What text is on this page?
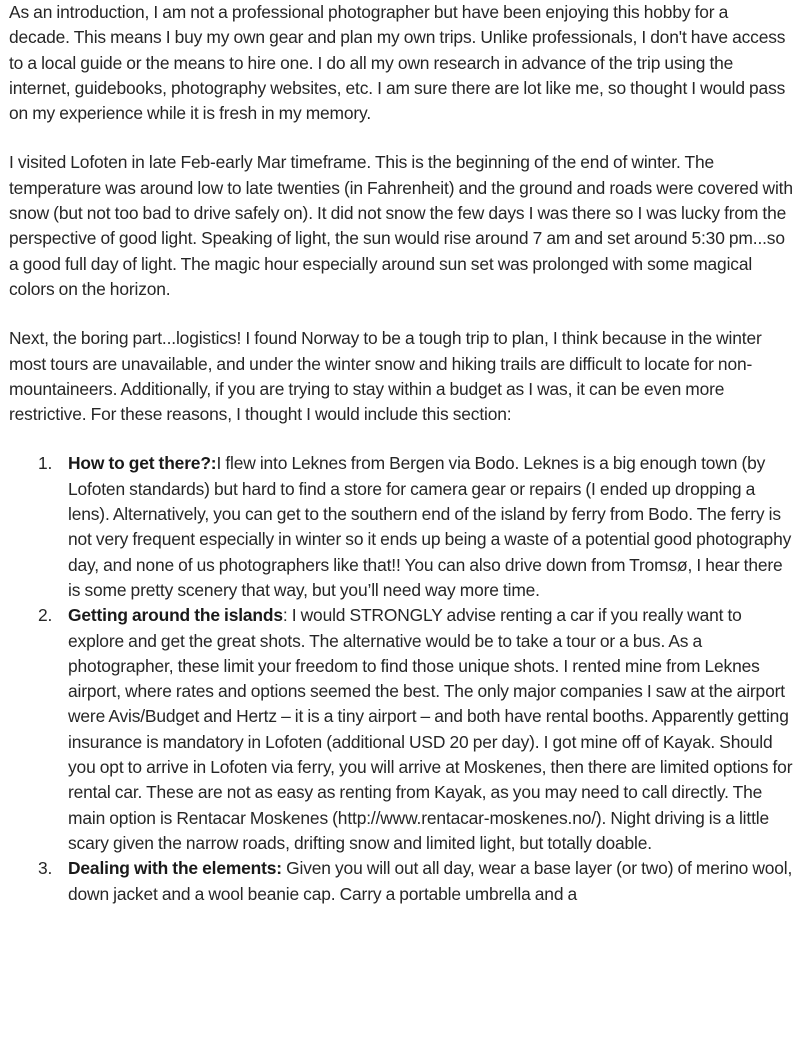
As an introduction, I am not a professional photographer but have been enjoying this hobby for a decade. This means I buy my own gear and plan my own trips. Unlike professionals, I don't have access to a local guide or the means to hire one. I do all my own research in advance of the trip using the internet, guidebooks, photography websites, etc. I am sure there are lot like me, so thought I would pass on my experience while it is fresh in my memory.

I visited Lofoten in late Feb-early Mar timeframe. This is the beginning of the end of winter. The temperature was around low to late twenties (in Fahrenheit) and the ground and roads were covered with snow (but not too bad to drive safely on). It did not snow the few days I was there so I was lucky from the perspective of good light. Speaking of light, the sun would rise around 7 am and set around 5:30 pm...so a good full day of light. The magic hour especially around sun set was prolonged with some magical colors on the horizon.

Next, the boring part...logistics! I found Norway to be a tough trip to plan, I think because in the winter most tours are unavailable, and under the winter snow and hiking trails are difficult to locate for non-mountaineers. Additionally, if you are trying to stay within a budget as I was, it can be even more restrictive. For these reasons, I thought I would include this section:

1. How to get there?:I flew into Leknes from Bergen via Bodo. Leknes is a big enough town (by Lofoten standards) but hard to find a store for camera gear or repairs (I ended up dropping a lens). Alternatively, you can get to the southern end of the island by ferry from Bodo. The ferry is not very frequent especially in winter so it ends up being a waste of a potential good photography day, and none of us photographers like that!! You can also drive down from Tromsø, I hear there is some pretty scenery that way, but you’ll need way more time.
2. Getting around the islands: I would STRONGLY advise renting a car if you really want to explore and get the great shots. The alternative would be to take a tour or a bus. As a photographer, these limit your freedom to find those unique shots. I rented mine from Leknes airport, where rates and options seemed the best. The only major companies I saw at the airport were Avis/Budget and Hertz – it is a tiny airport – and both have rental booths. Apparently getting insurance is mandatory in Lofoten (additional USD 20 per day). I got mine off of Kayak. Should you opt to arrive in Lofoten via ferry, you will arrive at Moskenes, then there are limited options for rental car. These are not as easy as renting from Kayak, as you may need to call directly. The main option is Rentacar Moskenes (http://www.rentacar-moskenes.no/). Night driving is a little scary given the narrow roads, drifting snow and limited light, but totally doable.
3. Dealing with the elements: Given you will out all day, wear a base layer (or two) of merino wool, down jacket and a wool beanie cap. Carry a portable umbrella and a
